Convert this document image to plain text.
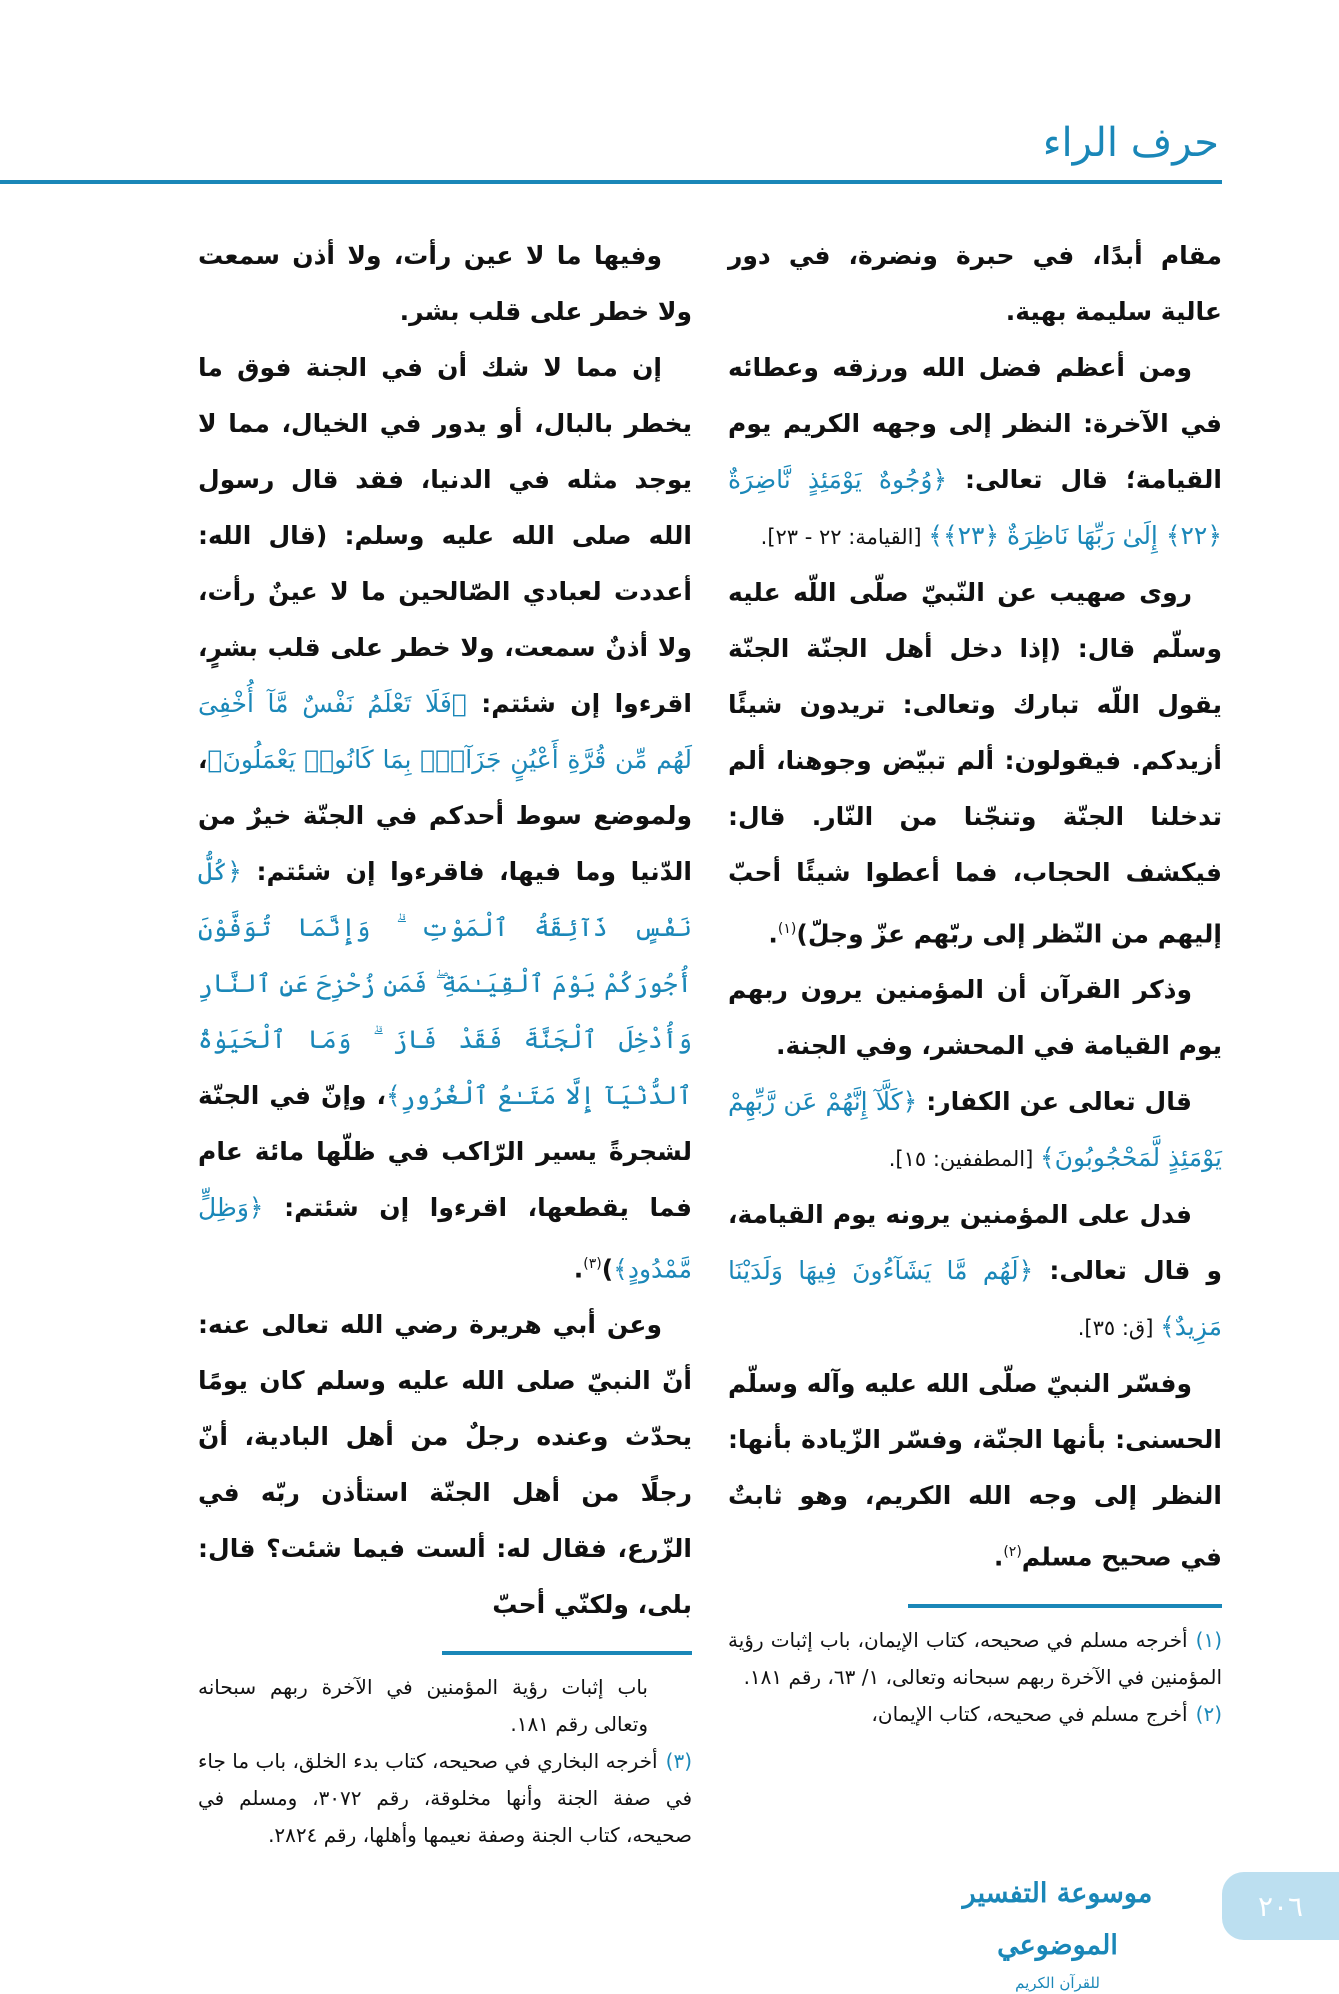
حرف الراء

مقام أبدًا، في حبرة ونضرة، في دور عالية سليمة بهية.

ومن أعظم فضل الله ورزقه وعطائه في الآخرة: النظر إلى وجهه الكريم يوم القيامة؛ قال تعالى: ﴿وُجُوهٌ يَوْمَئِذٍ نَّاضِرَةٌ ﴿٢٢﴾ إِلَىٰ رَبِّهَا نَاظِرَةٌ ﴿٢٣﴾﴾ [القيامة: ٢٢ - ٢٣].

روى صهيب عن النّبيّ صلّى اللّه عليه وسلّم قال: (إذا دخل أهل الجنّة الجنّة يقول اللّه تبارك وتعالى: تريدون شيئًا أزيدكم. فيقولون: ألم تبيّض وجوهنا، ألم تدخلنا الجنّة وتنجّنا من النّار. قال: فيكشف الحجاب، فما أعطوا شيئًا أحبّ إليهم من النّظر إلى ربّهم عزّ وجلّ)$^{(١)}$.

وذكر القرآن أن المؤمنين يرون ربهم يوم القيامة في المحشر، وفي الجنة.

قال تعالى عن الكفار: ﴿كَلَّآ إِنَّهُمْ عَن رَّبِّهِمْ يَوْمَئِذٍ لَّمَحْجُوبُونَ﴾ [المطففين: ١٥].

فدل على المؤمنين يرونه يوم القيامة، و قال تعالى: ﴿لَهُم مَّا يَشَآءُونَ فِيهَا وَلَدَيْنَا مَزِيدٌ﴾ [ق: ٣٥].

وفسّر النبيّ صلّى الله عليه وآله وسلّم الحسنى: بأنها الجنّة، وفسّر الزّيادة بأنها: النظر إلى وجه الله الكريم، وهو ثابتٌ في صحيح مسلم$^{(٢)}$.

(١)أخرجه مسلم في صحيحه، كتاب الإيمان، باب إثبات رؤية المؤمنين في الآخرة ربهم سبحانه وتعالى، ١/ ٦٣، رقم ١٨١.

(٢)أخرج مسلم في صحيحه، كتاب الإيمان،

وفيها ما لا عين رأت، ولا أذن سمعت ولا خطر على قلب بشر.

إن مما لا شك أن في الجنة فوق ما يخطر بالبال، أو يدور في الخيال، مما لا يوجد مثله في الدنيا، فقد قال رسول الله صلى الله عليه وسلم: (قال الله: أعددت لعبادي الصّالحين ما لا عينٌ رأت، ولا أذنٌ سمعت، ولا خطر على قلب بشرٍ، اقرءوا إن شئتم: ﴿فَلَا تَعْلَمُ نَفْسٌ مَّآ أُخْفِىَ لَهُم مِّن قُرَّةِ أَعْيُنٍ جَزَآءًۢ بِمَا كَانُوا۟ يَعْمَلُونَ﴾، ولموضع سوط أحدكم في الجنّة خيرٌ من الدّنيا وما فيها، فاقرءوا إن شئتم: ﴿كُلُّ نَفْسٍ ذَآئِقَةُ ٱلْمَوْتِ ۗ وَإِنَّمَا تُوَفَّوْنَ أُجُورَكُمْ يَوْمَ ٱلْقِيَـٰمَةِ ۖ فَمَن زُحْزِحَ عَنِ ٱلنَّارِ وَأُدْخِلَ ٱلْجَنَّةَ فَقَدْ فَازَ ۗ وَمَا ٱلْحَيَوٰةُ ٱلدُّنْيَآ إِلَّا مَتَـٰعُ ٱلْغُرُورِ﴾، وإنّ في الجنّة لشجرةً يسير الرّاكب في ظلّها مائة عام فما يقطعها، اقرءوا إن شئتم: ﴿وَظِلٍّ مَّمْدُودٍ﴾)$^{(٣)}$.

وعن أبي هريرة رضي الله تعالى عنه: أنّ النبيّ صلى الله عليه وسلم كان يومًا يحدّث وعنده رجلٌ من أهل البادية، أنّ رجلًا من أهل الجنّة استأذن ربّه في الزّرع، فقال له: ألست فيما شئت؟ قال: بلى، ولكنّي أحبّ

باب إثبات رؤية المؤمنين في الآخرة ربهم سبحانه وتعالى رقم ١٨١.

(٣)أخرجه البخاري في صحيحه، كتاب بدء الخلق، باب ما جاء في صفة الجنة وأنها مخلوقة، رقم ٣٠٧٢، ومسلم في صحيحه، كتاب الجنة وصفة نعيمها وأهلها، رقم ٢٨٢٤.

موسوعة التفسير الموضوعي
للقرآن الكريم
٢٠٦
